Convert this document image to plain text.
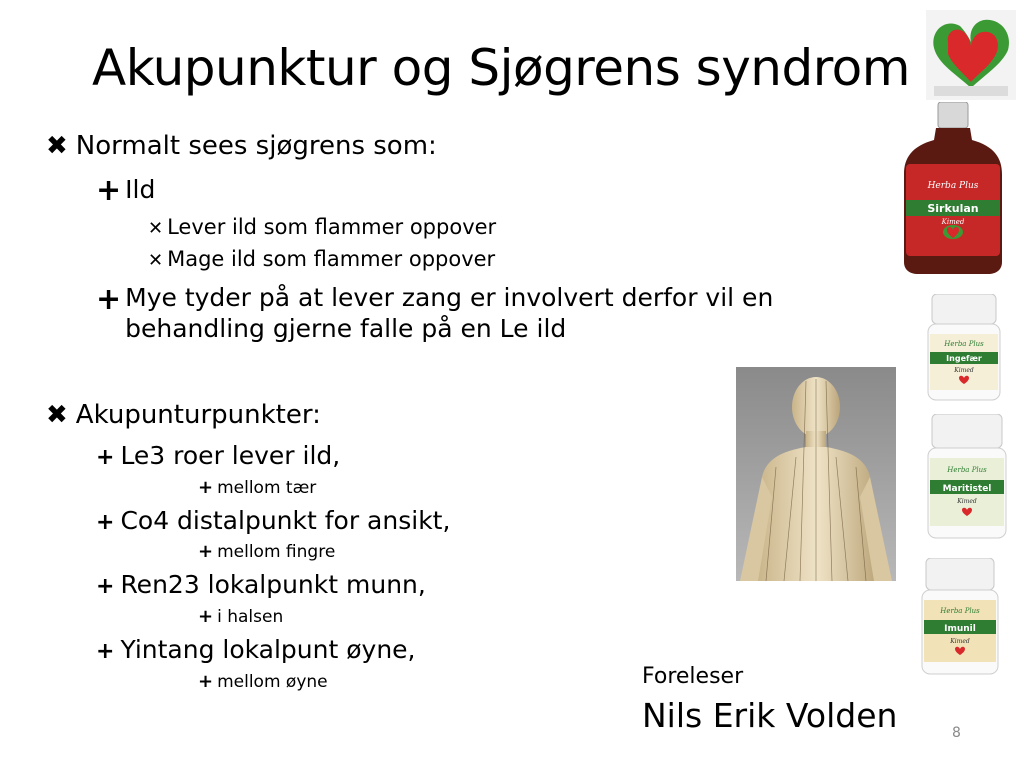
Akupunktur og Sjøgrens syndrom
✖ Normalt sees sjøgrens som:
+ Ild
✕ Lever ild som flammer oppover
✕ Mage ild som flammer oppover
+ Mye tyder på at lever zang er involvert derfor vil en behandling gjerne falle på en Le ild
✖ Akupunturpunkter:
+ Le3 roer lever ild,
+ mellom tær
+ Co4 distalpunkt for ansikt,
+ mellom fingre
+ Ren23 lokalpunkt munn,
+ i halsen
+ Yintang lokalpunt øyne,
+ mellom øyne
Herba Plus
Sirkulan
Kimed
Herba Plus
Ingefær
Kimed
Herba Plus
Maritistel
Kimed
Herba Plus
Imunil
Kimed
Foreleser
Nils Erik Volden	8
